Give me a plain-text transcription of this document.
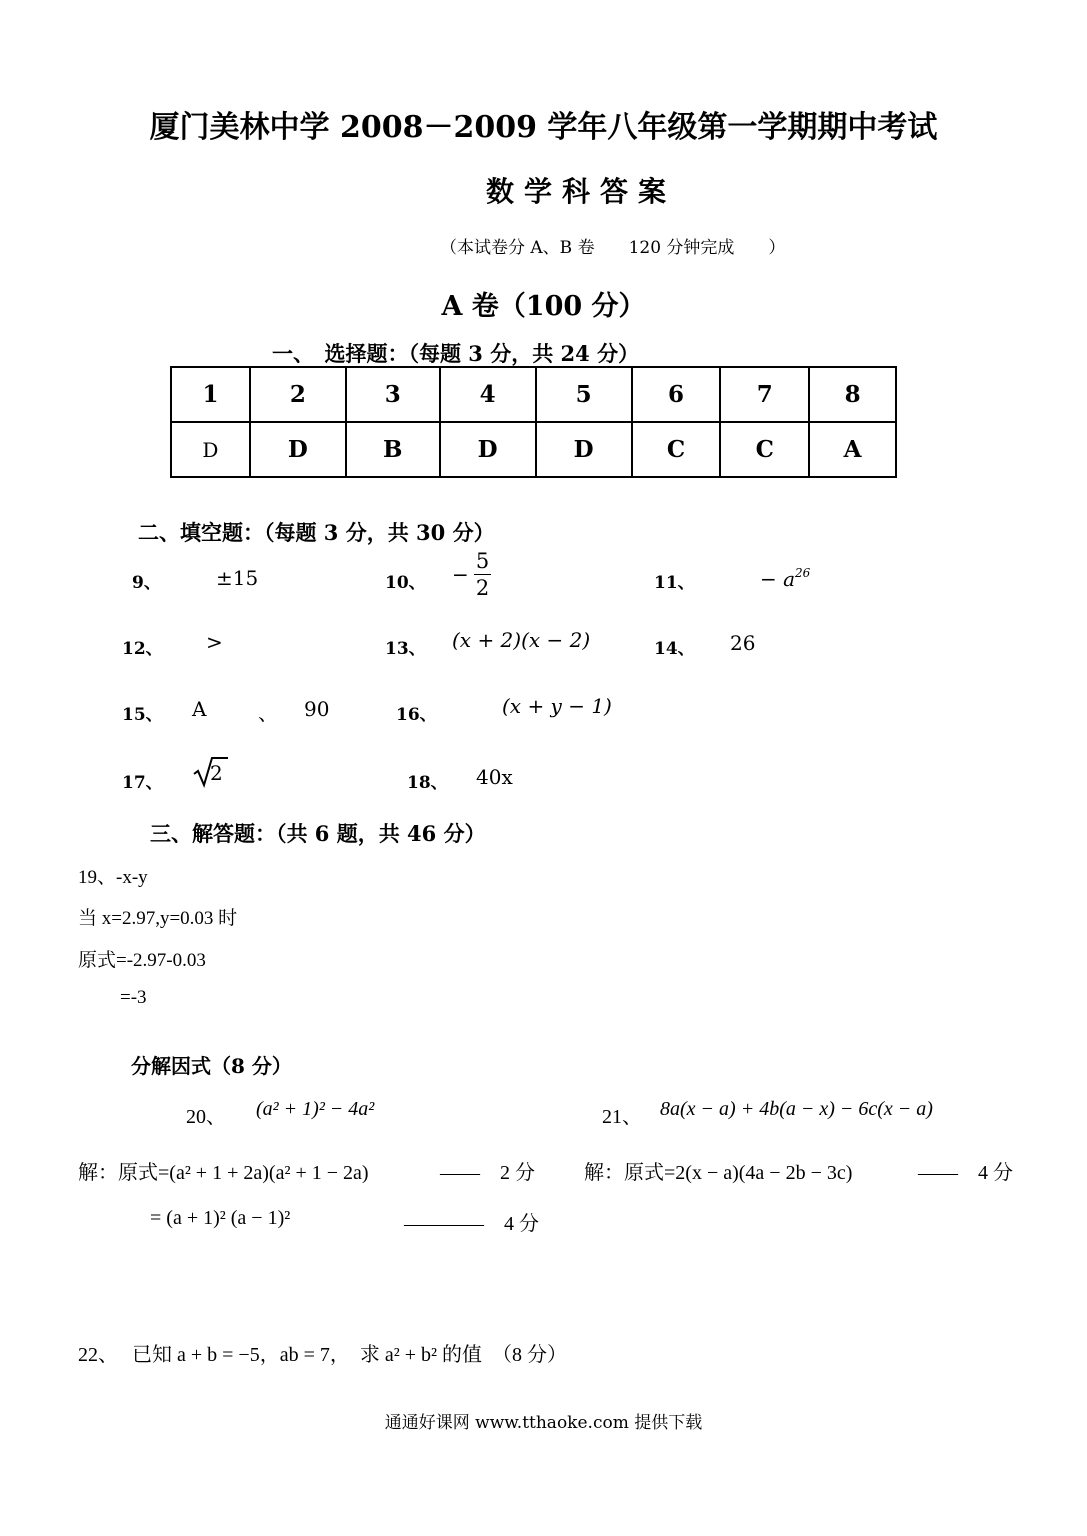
厦门美林中学 2008－2009 学年八年级第一学期期中考试
数学科答案
（本试卷分 A、B 卷　　120 分钟完成　　）
A 卷（100 分）
一、　选择题：（每题 3 分，共 24 分）
1	2	3	4	5	6	7	8
D	D	B	D	D	C	C	A
二、填空题：（每题 3 分，共 30 分）
9、	±15	10、 − $\frac{5}{2}$	11、	− $a^{26}$
12、 >	13、 (x + 2)(x − 2)	14、 26
15、 A	、 90	16、	(x + y − 1)
17、 2	18、 40x
三、解答题：（共 6 题，共 46 分）
19、-x-y
当 x=2.97,y=0.03 时
原式=-2.97-0.03
=-3
分解因式（8 分）
20、 (a² + 1)² − 4a²	21、 8a(x − a) + 4b(a − x) − 6c(x − a)
解：原式=(a² + 1 + 2a)(a² + 1 − 2a)	——　2 分 解：原式=2(x − a)(4a − 2b − 3c)	——　4 分
= (a + 1)² (a − 1)²	————　4 分
22、 已知 a + b = −5，ab = 7，　求 a² + b² 的值　（8 分）
通通好课网 www.tthaoke.com 提供下载
